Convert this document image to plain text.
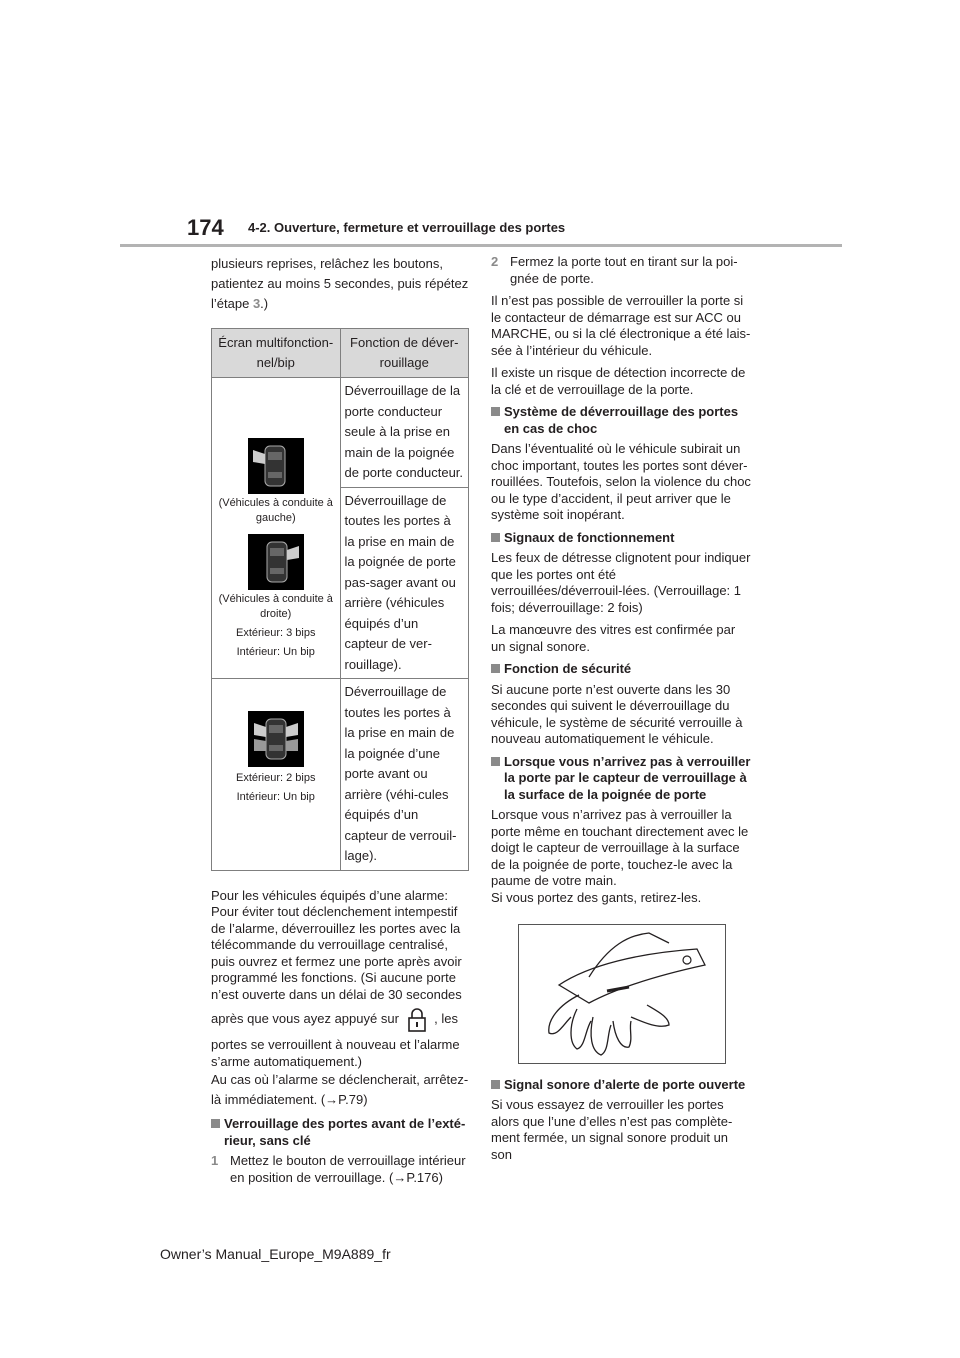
174 4-2. Ouverture, fermeture et verrouillage des portes

plusieurs reprises, relâchez les boutons, patientez au moins 5 secondes, puis répétez l’étape 3.)

Écran multifonction-nel/bip	Fonction de déver-rouillage

(Véhicules à conduite à gauche)
(Véhicules à conduite à droite)
Extérieur: 3 bips
Intérieur: Un bip	Déverrouillage de la porte conducteur seule à la prise en main de la poignée de porte conducteur.
	Déverrouillage de toutes les portes à la prise en main de la poignée de porte pas-sager avant ou arrière (véhicules équipés d’un capteur de ver-rouillage).

Extérieur: 2 bips
Intérieur: Un bip	Déverrouillage de toutes les portes à la prise en main de la poignée d’une porte avant ou arrière (véhi-cules équipés d’un capteur de verrouil-lage).

Pour les véhicules équipés d’une alarme: Pour éviter tout déclenchement intempestif de l’alarme, déverrouillez les portes avec la télécommande du verrouillage centralisé, puis ouvrez et fermez une porte après avoir programmé les fonctions. (Si aucune porte n’est ouverte dans un délai de 30 secondes

après que vous ayez appuyé sur	, les

portes se verrouillent à nouveau et l’alarme s’arme automatiquement.)

Au cas où l’alarme se déclencherait, arrêtez-là immédiatement. (→P.79)

Verrouillage des portes avant de l’exté-rieur, sans clé
1 Mettez le bouton de verrouillage intérieur en position de verrouillage. (→P.176)
2 Fermez la porte tout en tirant sur la poi-gnée de porte.

Il n’est pas possible de verrouiller la porte si le contacteur de démarrage est sur ACC ou MARCHE, ou si la clé électronique a été lais-sée à l’intérieur du véhicule.

Il existe un risque de détection incorrecte de la clé et de verrouillage de la porte.

Système de déverrouillage des portes en cas de choc

Dans l’éventualité où le véhicule subirait un choc important, toutes les portes sont déver-rouillées. Toutefois, selon la violence du choc ou le type d’accident, il peut arriver que le système soit inopérant.

Signaux de fonctionnement

Les feux de détresse clignotent pour indiquer que les portes ont été verrouillées/déverrouil-lées. (Verrouillage: 1 fois; déverrouillage: 2 fois)

La manœuvre des vitres est confirmée par un signal sonore.

Fonction de sécurité

Si aucune porte n’est ouverte dans les 30 secondes qui suivent le déverrouillage du véhicule, le système de sécurité verrouille à nouveau automatiquement le véhicule.

Lorsque vous n’arrivez pas à verrouiller la porte par le capteur de verrouillage à la surface de la poignée de porte

Lorsque vous n’arrivez pas à verrouiller la porte même en touchant directement avec le doigt le capteur de verrouillage à la surface de la poignée de porte, touchez-le avec la paume de votre main.

Si vous portez des gants, retirez-les.

Signal sonore d’alerte de porte ouverte

Si vous essayez de verrouiller les portes alors que l’une d’elles n’est pas complète-ment fermée, un signal sonore produit un son

Owner’s Manual_Europe_M9A889_fr
